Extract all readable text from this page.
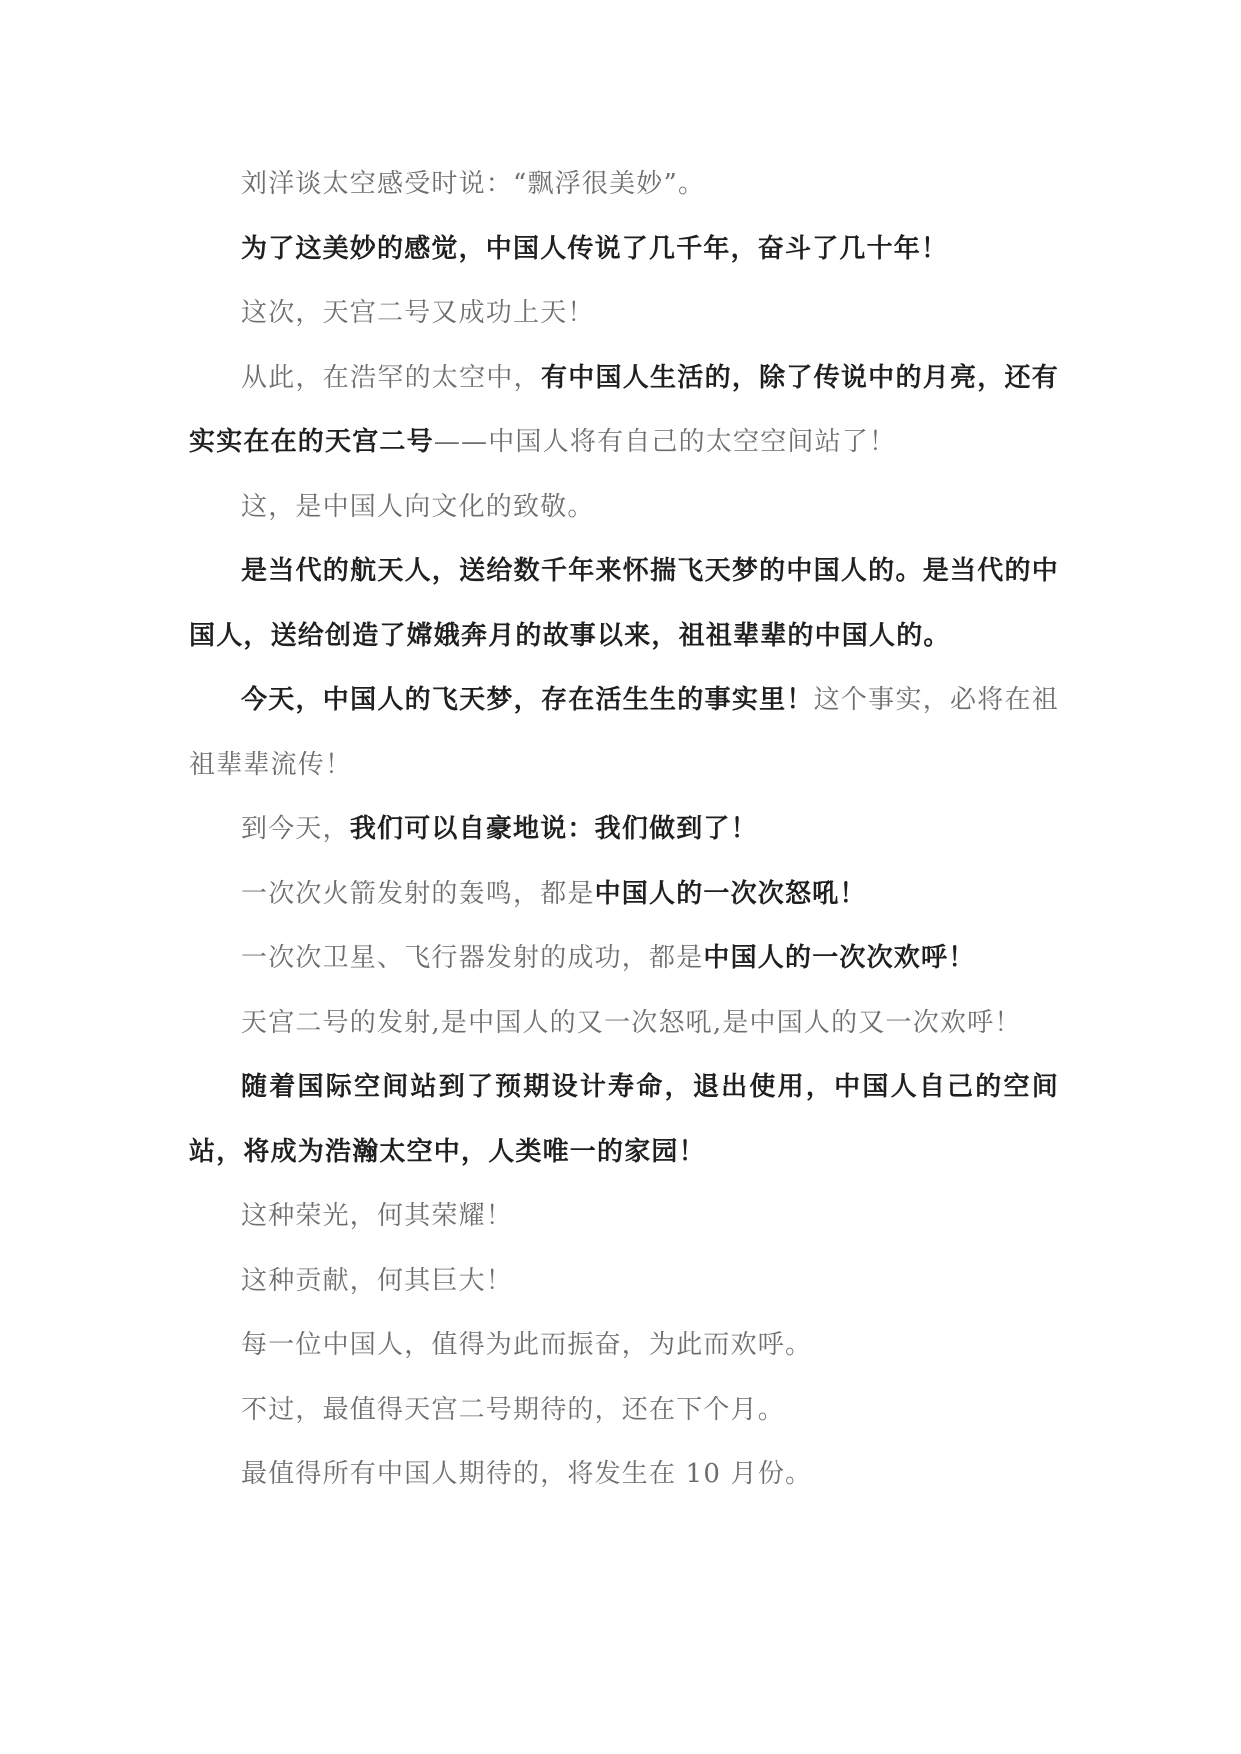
刘洋谈太空感受时说：“飘浮很美妙”。

为了这美妙的感觉，中国人传说了几千年，奋斗了几十年！

这次，天宫二号又成功上天！

从此，在浩罕的太空中，有中国人生活的，除了传说中的月亮，还有实实在在的天宫二号——中国人将有自己的太空空间站了！

这，是中国人向文化的致敬。

是当代的航天人，送给数千年来怀揣飞天梦的中国人的。是当代的中国人，送给创造了嫦娥奔月的故事以来，祖祖辈辈的中国人的。

今天，中国人的飞天梦，存在活生生的事实里！这个事实，必将在祖祖辈辈流传！

到今天，我们可以自豪地说：我们做到了！

一次次火箭发射的轰鸣，都是中国人的一次次怒吼！

一次次卫星、飞行器发射的成功，都是中国人的一次次欢呼！

天宫二号的发射,是中国人的又一次怒吼,是中国人的又一次欢呼！

随着国际空间站到了预期设计寿命，退出使用，中国人自己的空间站，将成为浩瀚太空中，人类唯一的家园！

这种荣光，何其荣耀！

这种贡献，何其巨大！

每一位中国人，值得为此而振奋，为此而欢呼。

不过，最值得天宫二号期待的，还在下个月。

最值得所有中国人期待的，将发生在 10 月份。
